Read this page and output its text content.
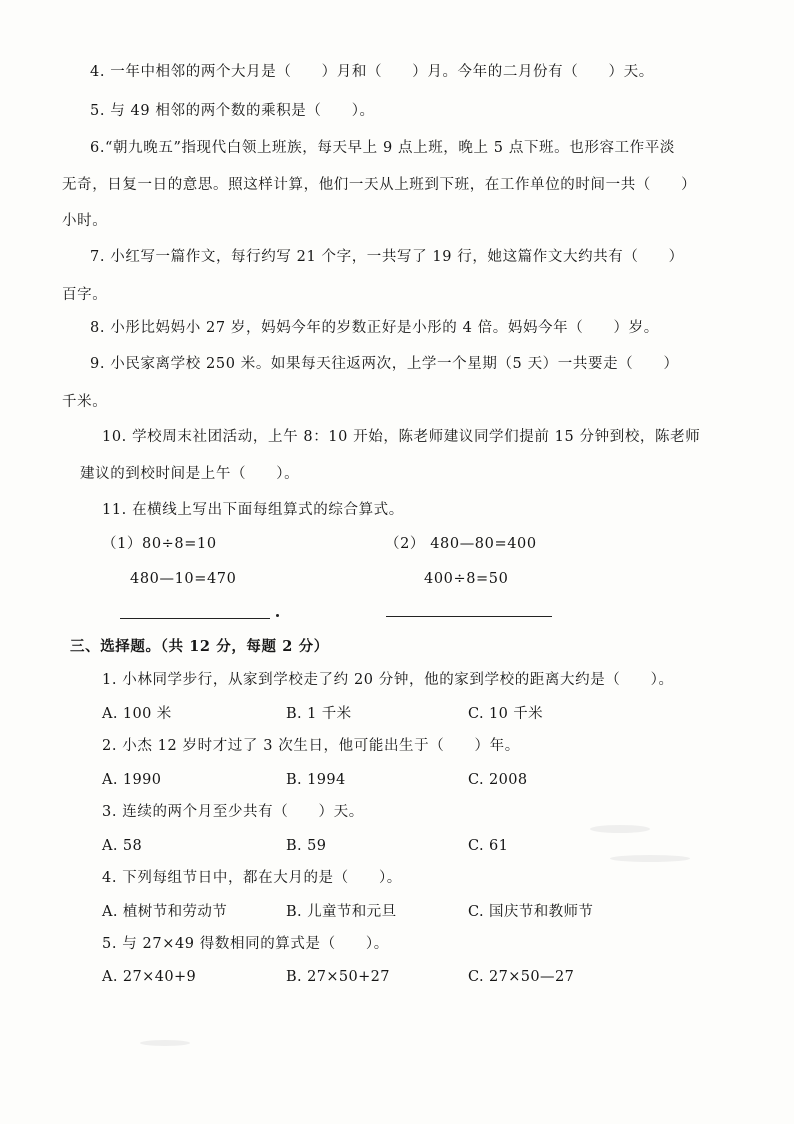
4. 一年中相邻的两个大月是（　　）月和（　　）月。今年的二月份有（　　）天。
5. 与 49 相邻的两个数的乘积是（　　）。
6.“朝九晚五”指现代白领上班族，每天早上 9 点上班，晚上 5 点下班。也形容工作平淡
无奇，日复一日的意思。照这样计算，他们一天从上班到下班，在工作单位的时间一共（　　）
小时。
7. 小红写一篇作文，每行约写 21 个字，一共写了 19 行，她这篇作文大约共有（　　）
百字。
8. 小彤比妈妈小 27 岁，妈妈今年的岁数正好是小彤的 4 倍。妈妈今年（　　）岁。
9. 小民家离学校 250 米。如果每天往返两次，上学一个星期（5 天）一共要走（　　）
千米。
10. 学校周末社团活动，上午 8：10 开始，陈老师建议同学们提前 15 分钟到校，陈老师
建议的到校时间是上午（　　）。
11. 在横线上写出下面每组算式的综合算式。
（1）80÷8=10
480—10=470
（2） 480—80=400
400÷8=50
三、选择题。（共 12 分，每题 2 分）
1. 小林同学步行，从家到学校走了约 20 分钟，他的家到学校的距离大约是（　　）。
A. 100 米	B. 1 千米	C. 10 千米
2. 小杰 12 岁时才过了 3 次生日，他可能出生于（　　）年。
A. 1990	B. 1994	C. 2008
3. 连续的两个月至少共有（　　）天。
A. 58	B. 59	C. 61
4. 下列每组节日中，都在大月的是（　　）。
A. 植树节和劳动节	B. 儿童节和元旦	C. 国庆节和教师节
5. 与 27×49 得数相同的算式是（　　）。
A. 27×40+9	B. 27×50+27	C. 27×50—27
